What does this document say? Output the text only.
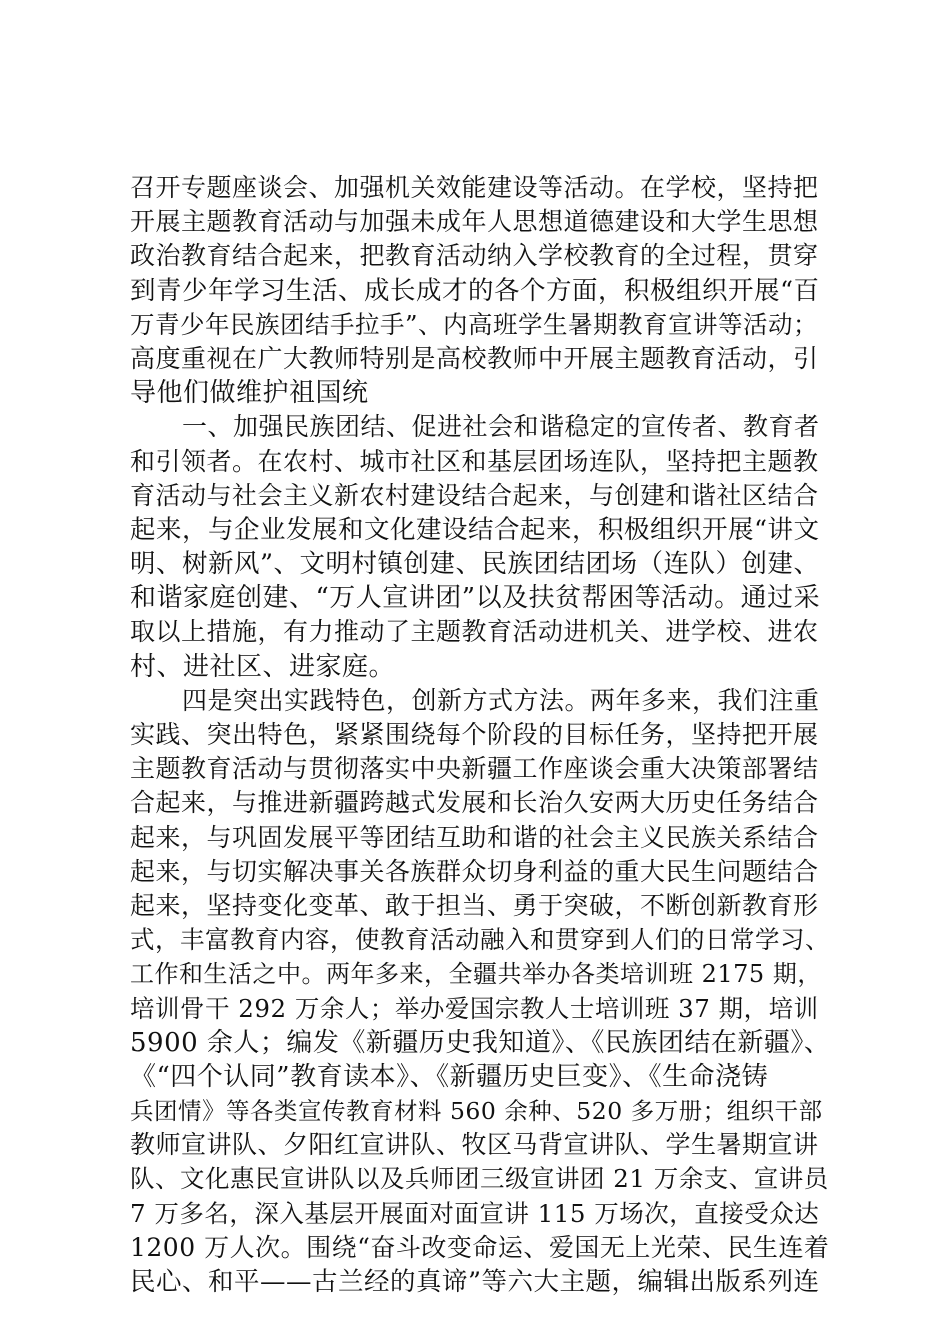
召开专题座谈会、加强机关效能建设等活动。在学校，坚持把
开展主题教育活动与加强未成年人思想道德建设和大学生思想
政治教育结合起来，把教育活动纳入学校教育的全过程，贯穿
到青少年学习生活、成长成才的各个方面，积极组织开展“百
万青少年民族团结手拉手”、内高班学生暑期教育宣讲等活动；
高度重视在广大教师特别是高校教师中开展主题教育活动，引
导他们做维护祖国统
一、加强民族团结、促进社会和谐稳定的宣传者、教育者
和引领者。在农村、城市社区和基层团场连队，坚持把主题教
育活动与社会主义新农村建设结合起来，与创建和谐社区结合
起来，与企业发展和文化建设结合起来，积极组织开展“讲文
明、树新风”、文明村镇创建、民族团结团场（连队）创建、
和谐家庭创建、“万人宣讲团”以及扶贫帮困等活动。通过采
取以上措施，有力推动了主题教育活动进机关、进学校、进农
村、进社区、进家庭。
四是突出实践特色，创新方式方法。两年多来，我们注重
实践、突出特色，紧紧围绕每个阶段的目标任务，坚持把开展
主题教育活动与贯彻落实中央新疆工作座谈会重大决策部署结
合起来，与推进新疆跨越式发展和长治久安两大历史任务结合
起来，与巩固发展平等团结互助和谐的社会主义民族关系结合
起来，与切实解决事关各族群众切身利益的重大民生问题结合
起来，坚持变化变革、敢于担当、勇于突破，不断创新教育形
式，丰富教育内容，使教育活动融入和贯穿到人们的日常学习、
工作和生活之中。两年多来，全疆共举办各类培训班 2175 期，
培训骨干 292 万余人；举办爱国宗教人士培训班 37 期，培训
5900 余人；编发《新疆历史我知道》、《民族团结在新疆》、
《“四个认同”教育读本》、《新疆历史巨变》、《生命浇铸
兵团情》等各类宣传教育材料 560 余种、520 多万册；组织干部
教师宣讲队、夕阳红宣讲队、牧区马背宣讲队、学生暑期宣讲
队、文化惠民宣讲队以及兵师团三级宣讲团 21 万余支、宣讲员
7 万多名，深入基层开展面对面宣讲 115 万场次，直接受众达
1200 万人次。围绕“奋斗改变命运、爱国无上光荣、民生连着
民心、和平——古兰经的真谛”等六大主题，编辑出版系列连
